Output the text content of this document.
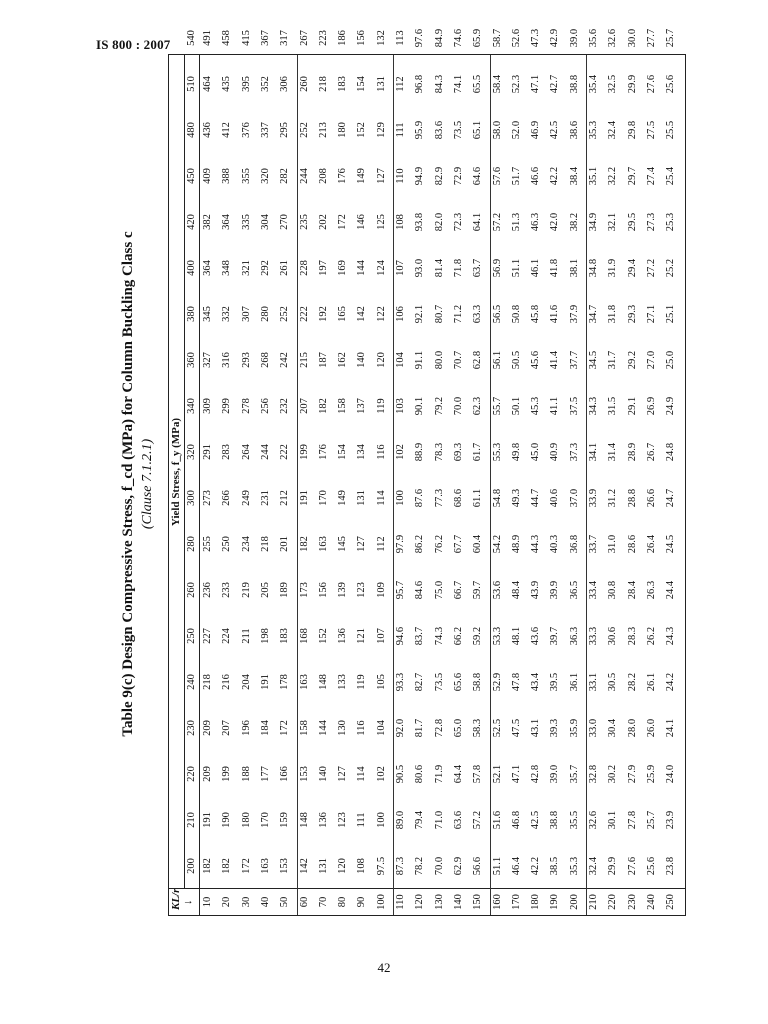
IS 800 : 2007
Table 9(c) Design Compressive Stress, f_cd (MPa) for Column Buckling Class c (Clause 7.1.2.1)
KL/r ↓
Yield Stress, f_y (MPa)
200
210
220
230
240
250
260
280
300
320
340
360
380
400
420
450
480
510
540
10
182
191
209
209
218
227
236
255
273
291
309
327
345
364
382
409
436
464
491
20
182
190
199
207
216
224
233
250
266
283
299
316
332
348
364
388
412
435
458
30
172
180
188
196
204
211
219
234
249
264
278
293
307
321
335
355
376
395
415
40
163
170
177
184
191
198
205
218
231
244
256
268
280
292
304
320
337
352
367
50
153
159
166
172
178
183
189
201
212
222
232
242
252
261
270
282
295
306
317
60
142
148
153
158
163
168
173
182
191
199
207
215
222
228
235
244
252
260
267
70
131
136
140
144
148
152
156
163
170
176
182
187
192
197
202
208
213
218
223
80
120
123
127
130
133
136
139
145
149
154
158
162
165
169
172
176
180
183
186
90
108
111
114
116
119
121
123
127
131
134
137
140
142
144
146
149
152
154
156
100
97.5
100
102
104
105
107
109
112
114
116
119
120
122
124
125
127
129
131
132
110
87.3
89.0
90.5
92.0
93.3
94.6
95.7
97.9
100
102
103
104
106
107
108
110
111
112
113
120
78.2
79.4
80.6
81.7
82.7
83.7
84.6
86.2
87.6
88.9
90.1
91.1
92.1
93.0
93.8
94.9
95.9
96.8
97.6
130
70.0
71.0
71.9
72.8
73.5
74.3
75.0
76.2
77.3
78.3
79.2
80.0
80.7
81.4
82.0
82.9
83.6
84.3
84.9
140
62.9
63.6
64.4
65.0
65.6
66.2
66.7
67.7
68.6
69.3
70.0
70.7
71.2
71.8
72.3
72.9
73.5
74.1
74.6
150
56.6
57.2
57.8
58.3
58.8
59.2
59.7
60.4
61.1
61.7
62.3
62.8
63.3
63.7
64.1
64.6
65.1
65.5
65.9
160
51.1
51.6
52.1
52.5
52.9
53.3
53.6
54.2
54.8
55.3
55.7
56.1
56.5
56.9
57.2
57.6
58.0
58.4
58.7
170
46.4
46.8
47.1
47.5
47.8
48.1
48.4
48.9
49.3
49.8
50.1
50.5
50.8
51.1
51.3
51.7
52.0
52.3
52.6
180
42.2
42.5
42.8
43.1
43.4
43.6
43.9
44.3
44.7
45.0
45.3
45.6
45.8
46.1
46.3
46.6
46.9
47.1
47.3
190
38.5
38.8
39.0
39.3
39.5
39.7
39.9
40.3
40.6
40.9
41.1
41.4
41.6
41.8
42.0
42.2
42.5
42.7
42.9
200
35.3
35.5
35.7
35.9
36.1
36.3
36.5
36.8
37.0
37.3
37.5
37.7
37.9
38.1
38.2
38.4
38.6
38.8
39.0
210
32.4
32.6
32.8
33.0
33.1
33.3
33.4
33.7
33.9
34.1
34.3
34.5
34.7
34.8
34.9
35.1
35.3
35.4
35.6
220
29.9
30.1
30.2
30.4
30.5
30.6
30.8
31.0
31.2
31.4
31.5
31.7
31.8
31.9
32.1
32.2
32.4
32.5
32.6
230
27.6
27.8
27.9
28.0
28.2
28.3
28.4
28.6
28.8
28.9
29.1
29.2
29.3
29.4
29.5
29.7
29.8
29.9
30.0
240
25.6
25.7
25.9
26.0
26.1
26.2
26.3
26.4
26.6
26.7
26.9
27.0
27.1
27.2
27.3
27.4
27.5
27.6
27.7
250
23.8
23.9
24.0
24.1
24.2
24.3
24.4
24.5
24.7
24.8
24.9
25.0
25.1
25.2
25.3
25.4
25.5
25.6
25.7
42
